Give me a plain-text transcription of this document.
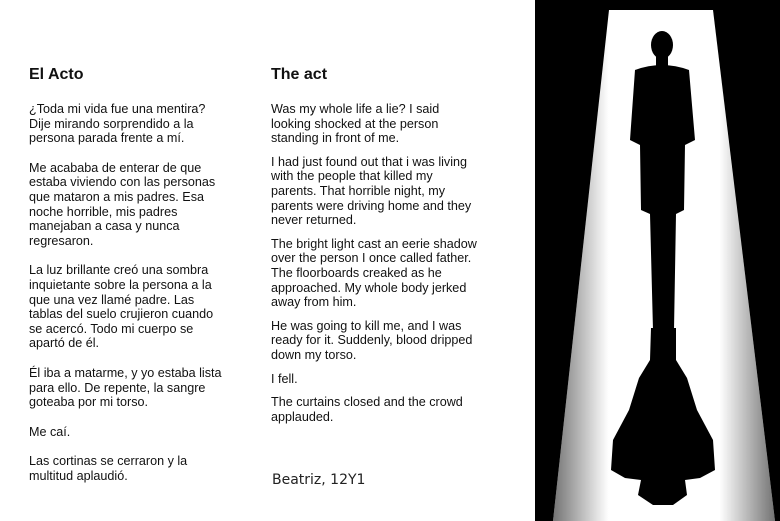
El Acto

¿Toda mi vida fue una mentira?
Dije mirando sorprendido a la
persona parada frente a mí.

Me acababa de enterar de que
estaba viviendo con las personas
que mataron a mis padres. Esa
noche horrible, mis padres
manejaban a casa y nunca
regresaron.

La luz brillante creó una sombra
inquietante sobre la persona a la
que una vez llamé padre. Las
tablas del suelo crujieron cuando
se acercó. Todo mi cuerpo se
apartó de él.

Él iba a matarme, y yo estaba lista
para ello. De repente, la sangre
goteaba por mi torso.

Me caí.

Las cortinas se cerraron y la
multitud aplaudió.

The act

Was my whole life a lie? I said
looking shocked at the person
standing in front of me.

I had just found out that i was living
with the people that killed my
parents. That horrible night, my
parents were driving home and they
never returned.

The bright light cast an eerie shadow
over the person I once called father.
The floorboards creaked as he
approached. My whole body jerked
away from him.

He was going to kill me, and I was
ready for it. Suddenly, blood dripped
down my torso.

I fell.

The curtains closed and the crowd
applauded.

Beatriz, 12Y1
